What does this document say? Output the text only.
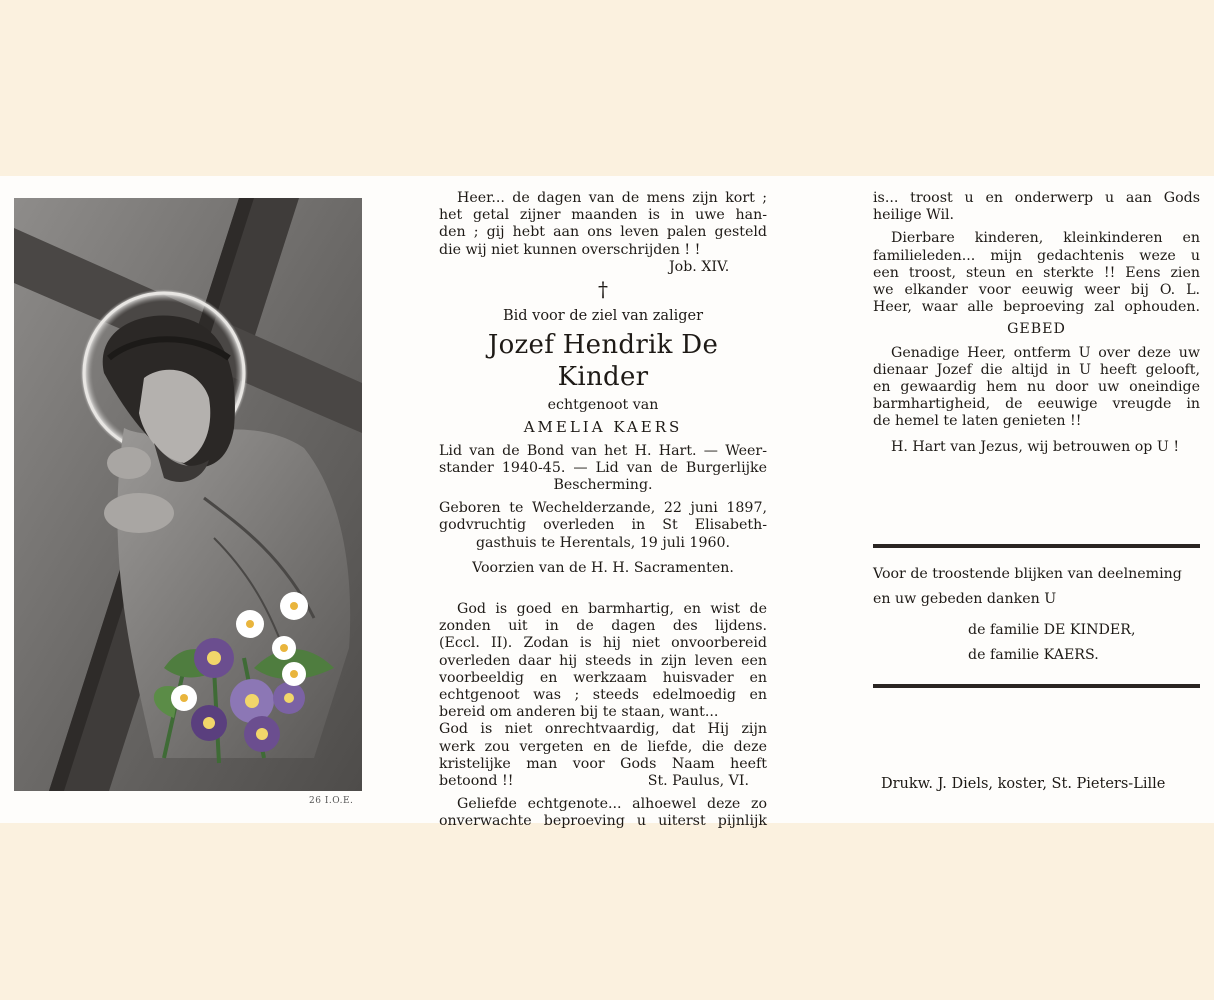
26 I.O.E.
Heer... de dagen van de mens zijn kort ;
het getal zijner maanden is in uwe han-
den ; gij hebt aan ons leven palen gesteld
die wij niet kunnen overschrijden ! !
Job. XIV.
†
Bid voor de ziel van zaliger
Jozef Hendrik De Kinder
echtgenoot van
AMELIA KAERS
Lid van de Bond van het H. Hart. — Weer-
stander 1940-45. — Lid van de Burgerlijke
Bescherming.
Geboren te Wechelderzande, 22 juni 1897,
godvruchtig overleden in St Elisabeth-
gasthuis te Herentals, 19 juli 1960.
Voorzien van de H. H. Sacramenten.
God is goed en barmhartig, en wist de
zonden uit in de dagen des lijdens.
(Eccl. II). Zodan is hij niet onvoorbereid
overleden daar hij steeds in zijn leven een
voorbeeldig en werkzaam huisvader en
echtgenoot was ; steeds edelmoedig en
bereid om anderen bij te staan, want...
God is niet onrechtvaardig, dat Hij zijn
werk zou vergeten en de liefde, die deze
kristelijke man voor Gods Naam heeft
betoond !!	St. Paulus, VI.
Geliefde echtgenote... alhoewel deze zo
onverwachte beproeving u uiterst pijnlijk
is... troost u en onderwerp u aan Gods
heilige Wil.
Dierbare kinderen, kleinkinderen en
familieleden... mijn gedachtenis weze u
een troost, steun en sterkte !! Eens zien
we elkander voor eeuwig weer bij O. L.
Heer, waar alle beproeving zal ophouden.
GEBED
Genadige Heer, ontferm U over deze uw
dienaar Jozef die altijd in U heeft gelooft,
en gewaardig hem nu door uw oneindige
barmhartigheid, de eeuwige vreugde in
de hemel te laten genieten !!
H. Hart van Jezus, wij betrouwen op U !
Voor de troostende blijken van deelneming
en uw gebeden danken U
de familie DE KINDER,
de familie KAERS.
Drukw. J. Diels, koster, St. Pieters-Lille
